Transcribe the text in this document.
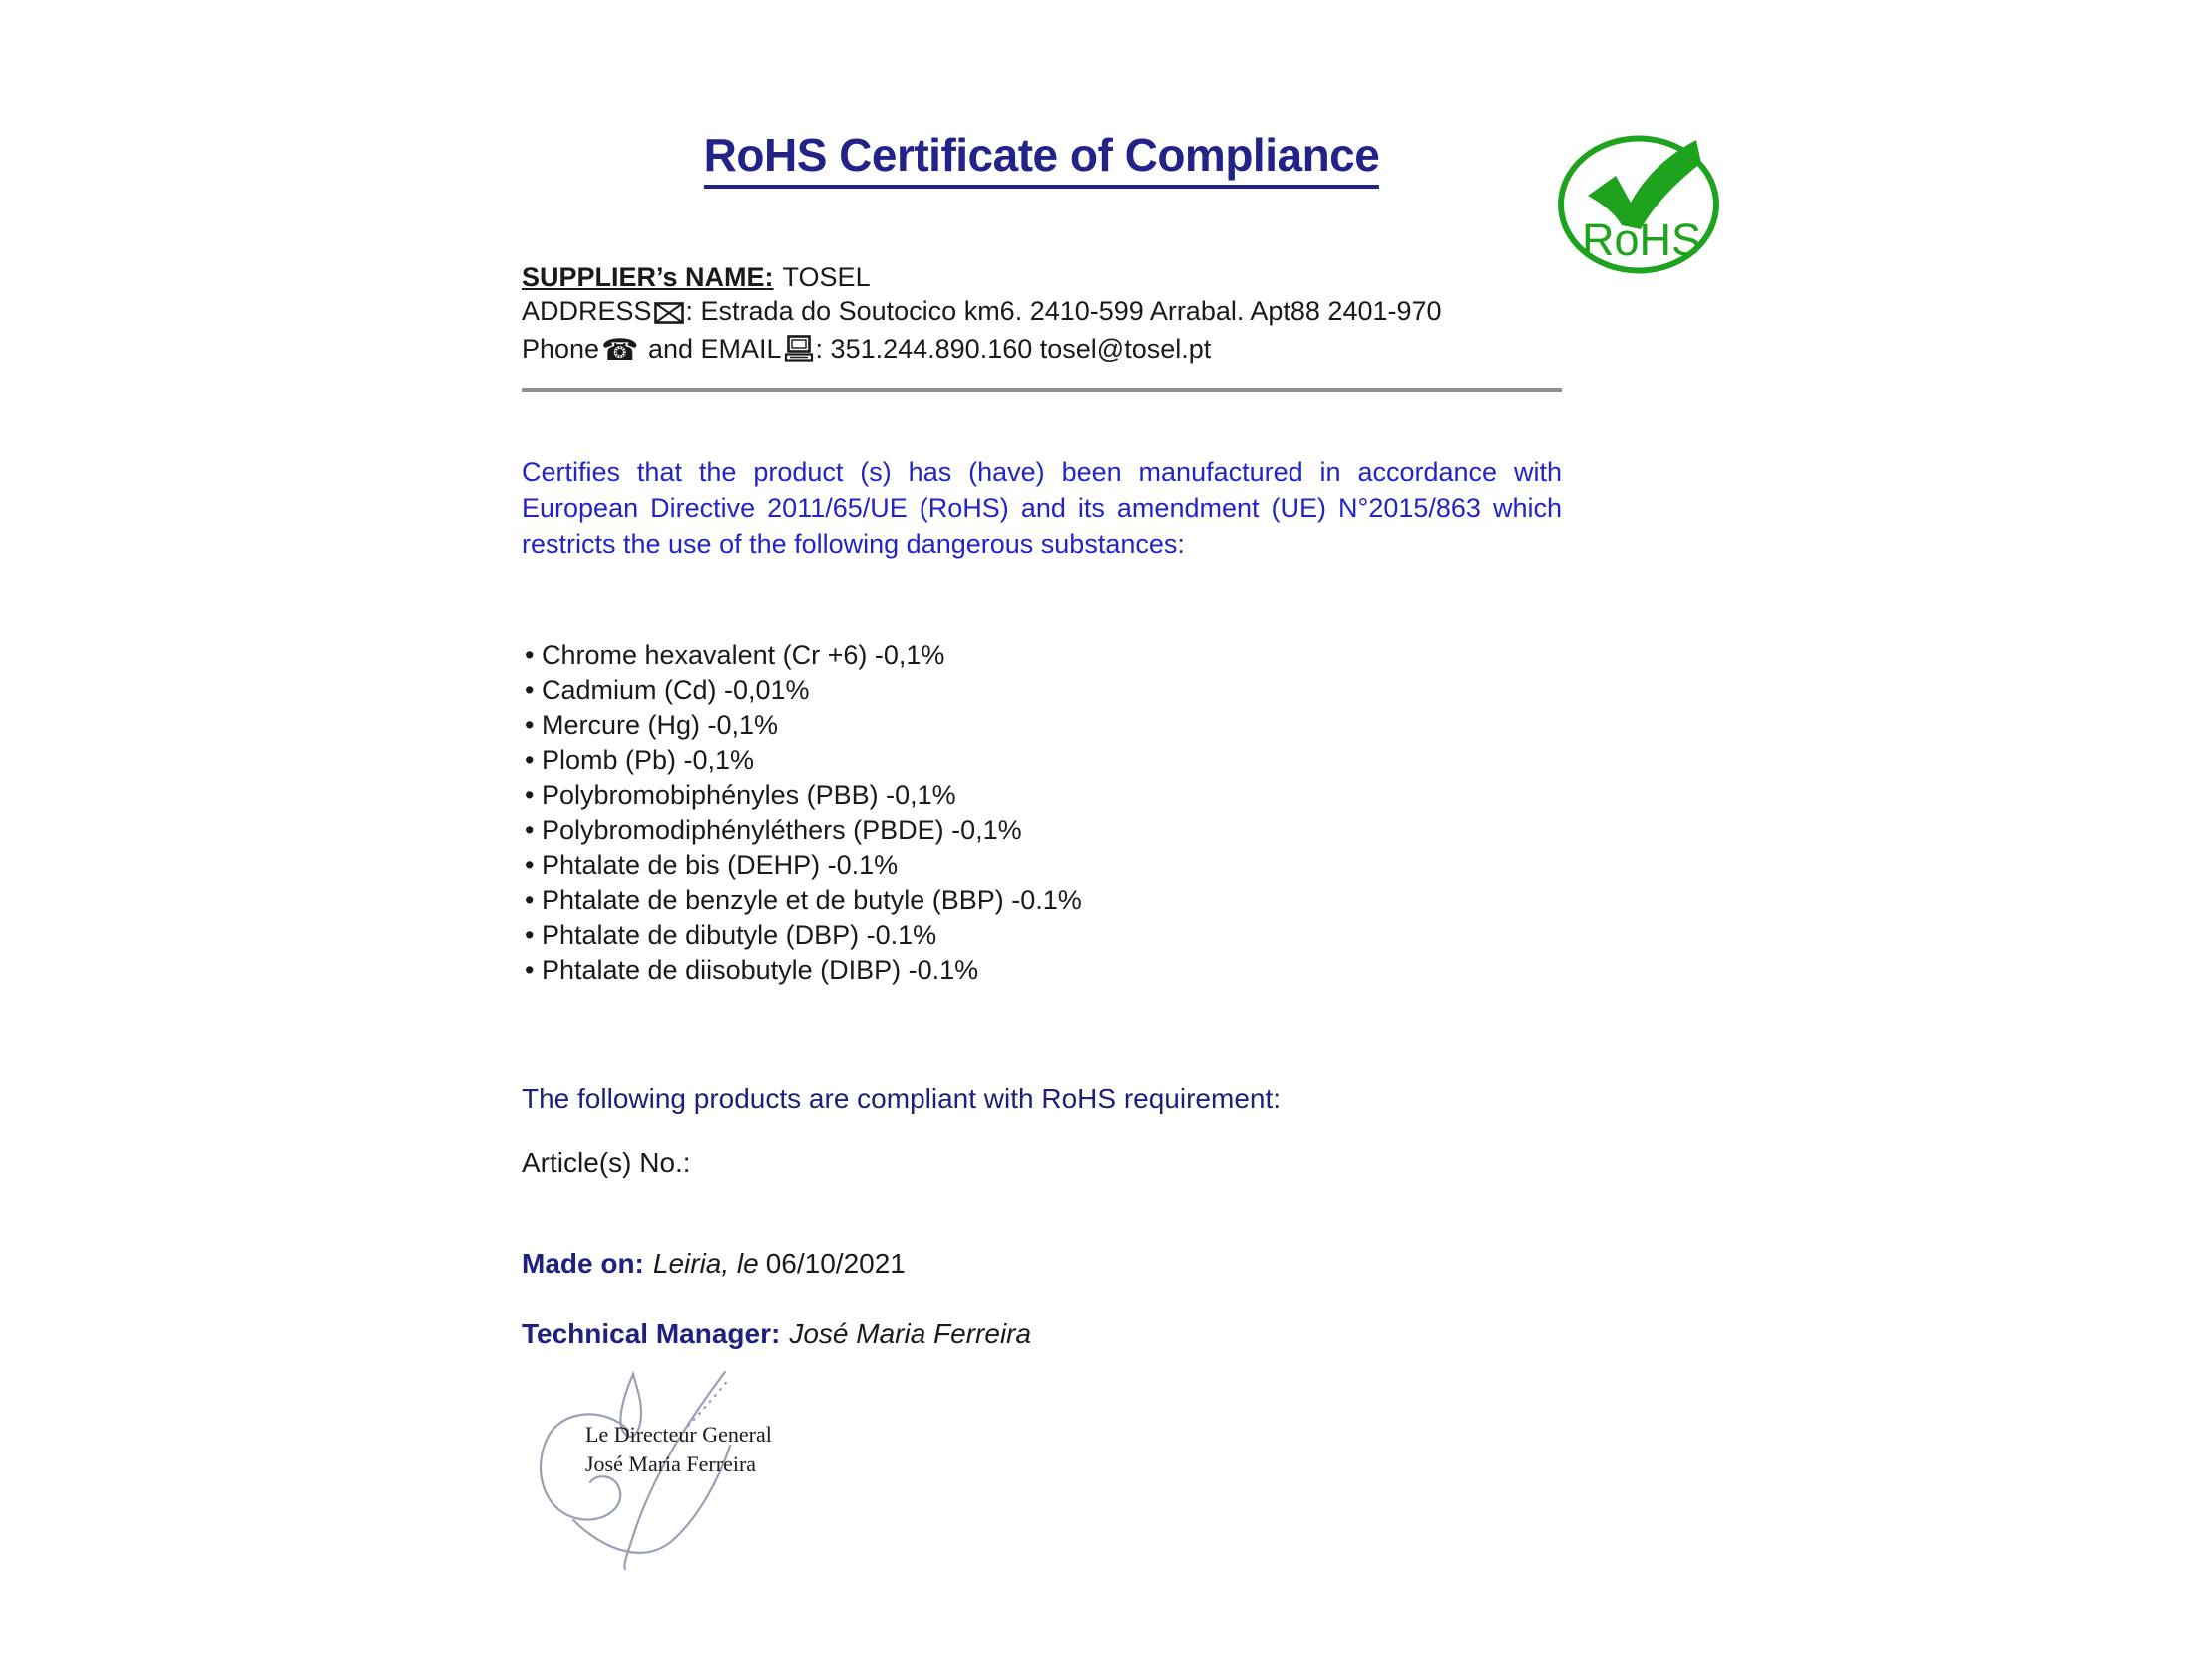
RoHS Certificate of Compliance
RoHS
SUPPLIER’s NAME: TOSEL
ADDRESS : Estrada do Soutocico km6. 2410-599 Arrabal. Apt88 2401-970
Phone☎ and EMAIL : 351.244.890.160 tosel@tosel.pt
Certifies that the product (s) has (have) been manufactured in accordance with European Directive 2011/65/UE (RoHS) and its amendment (UE) N°2015/863 which restricts the use of the following dangerous substances:
• Chrome hexavalent (Cr +6) -0,1%
• Cadmium (Cd) -0,01%
• Mercure (Hg) -0,1%
• Plomb (Pb) -0,1%
• Polybromobiphényles (PBB) -0,1%
• Polybromodiphényléthers (PBDE) -0,1%
• Phtalate de bis (DEHP) -0.1%
• Phtalate de benzyle et de butyle (BBP) -0.1%
• Phtalate de dibutyle (DBP) -0.1%
• Phtalate de diisobutyle (DIBP) -0.1%
The following products are compliant with RoHS requirement:
Article(s) No.:
Made on: Leiria, le 06/10/2021
Technical Manager: José Maria Ferreira
Le Directeur General
José Maria Ferreira
